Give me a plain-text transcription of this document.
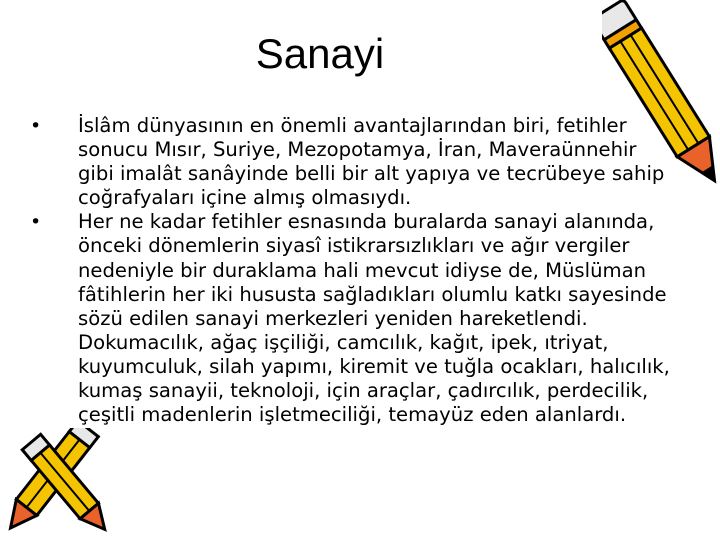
Sanayi

• İslâm dünyasının en önemli avantajlarından biri, fetihler sonucu Mısır, Suriye, Mezopotamya, İran, Maveraünnehir gibi imalât sanâyinde belli bir alt yapıya ve tecrübeye sahip coğrafyaları içine almış olmasıydı.

• Her ne kadar fetihler esnasında buralarda sanayi alanında, önceki dönemlerin siyasî istikrarsızlıkları ve ağır vergiler nedeniyle bir duraklama hali mevcut idiyse de, Müslüman fâtihlerin her iki hususta sağladıkları olumlu katkı sayesinde sözü edilen sanayi merkezleri yeniden hareketlendi. Dokumacılık, ağaç işçiliği, camcılık, kağıt, ipek, ıtriyat, kuyumculuk, silah yapımı, kiremit ve tuğla ocakları, halıcılık, kumaş sanayii, teknoloji, için araçlar, çadırcılık, perdecilik, çeşitli madenlerin işletmeciliği, temayüz eden alanlardı.
